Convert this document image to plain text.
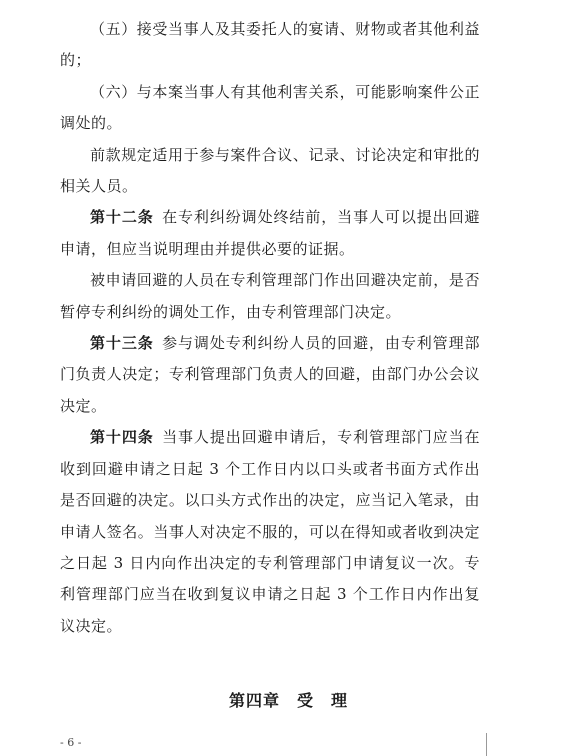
（五）接受当事人及其委托人的宴请、财物或者其他利益的；

（六）与本案当事人有其他利害关系，可能影响案件公正调处的。

前款规定适用于参与案件合议、记录、讨论决定和审批的相关人员。

第十二条  在专利纠纷调处终结前，当事人可以提出回避申请，但应当说明理由并提供必要的证据。

被申请回避的人员在专利管理部门作出回避决定前，是否暂停专利纠纷的调处工作，由专利管理部门决定。

第十三条  参与调处专利纠纷人员的回避，由专利管理部门负责人决定；专利管理部门负责人的回避，由部门办公会议决定。

第十四条  当事人提出回避申请后，专利管理部门应当在收到回避申请之日起 3 个工作日内以口头或者书面方式作出是否回避的决定。以口头方式作出的决定，应当记入笔录，由申请人签名。当事人对决定不服的，可以在得知或者收到决定之日起 3 日内向作出决定的专利管理部门申请复议一次。专利管理部门应当在收到复议申请之日起 3 个工作日内作出复议决定。

第四章　受　理
- 6 -
